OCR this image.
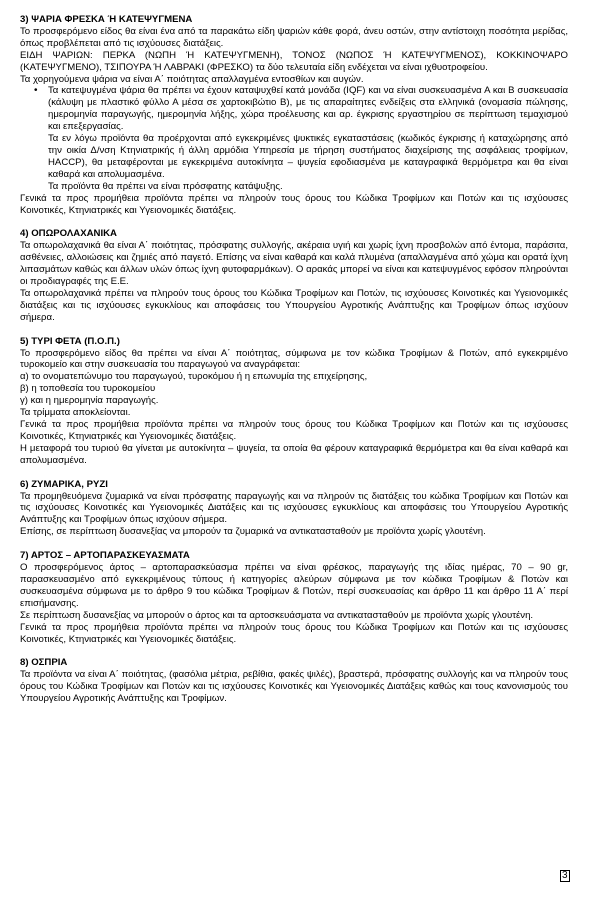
3) ΨΑΡΙΑ ΦΡΕΣΚΑ Ή ΚΑΤΕΨΥΓΜΕΝΑ

Το προσφερόμενο είδος θα είναι ένα από τα παρακάτω είδη ψαριών κάθε φορά, άνευ οστών, στην αντίστοιχη ποσότητα μερίδας, όπως προβλέπεται από τις ισχύουσες διατάξεις.

ΕΙΔΗ ΨΑΡΙΩΝ: ΠΕΡΚΑ (ΝΩΠΗ Ή ΚΑΤΕΨΥΓΜΕΝΗ), ΤΟΝΟΣ (ΝΩΠΟΣ Ή ΚΑΤΕΨΥΓΜΕΝΟΣ), ΚΟΚΚΙΝΟΨΑΡΟ (ΚΑΤΕΨΥΓΜΕΝΟ), ΤΣΙΠΟΥΡΑ Ή ΛΑΒΡΑΚΙ (ΦΡΕΣΚΟ) τα δύο τελευταία είδη ενδέχεται να είναι ιχθυοτροφείου.

Τα χορηγούμενα ψάρια να είναι Α΄ ποιότητας απαλλαγμένα εντοσθίων και αυγών.

• Τα κατεψυγμένα ψάρια θα πρέπει να έχουν καταψυχθεί κατά μονάδα (IQF) και να είναι συσκευασμένα Α και Β συσκευασία (κάλυψη με πλαστικό φύλλο Α μέσα σε χαρτοκιβώτιο Β), με τις απαραίτητες ενδείξεις στα ελληνικά (ονομασία πώλησης, ημερομηνία παραγωγής, ημερομηνία λήξης, χώρα προέλευσης και αρ. έγκρισης εργαστηρίου σε περίπτωση τεμαχισμού και επεξεργασίας.
Τα εν λόγω προϊόντα θα προέρχονται από εγκεκριμένες ψυκτικές εγκαταστάσεις (κωδικός έγκρισης ή καταχώρησης από την οικία Δ/νση Κτηνιατρικής ή άλλη αρμόδια Υπηρεσία με τήρηση συστήματος διαχείρισης της ασφάλειας τροφίμων, HACCP), θα μεταφέρονται με εγκεκριμένα αυτοκίνητα – ψυγεία εφοδιασμένα με καταγραφικά θερμόμετρα και θα είναι καθαρά και απολυμασμένα.
Τα προϊόντα θα πρέπει να είναι πρόσφατης κατάψυξης.

Γενικά τα προς προμήθεια προϊόντα πρέπει να πληρούν τους όρους του Κώδικα Τροφίμων και Ποτών και τις ισχύουσες Κοινοτικές, Κτηνιατρικές και Υγειονομικές διατάξεις.

4) ΟΠΩΡΟΛΑΧΑΝΙΚΑ

Τα οπωρολαχανικά θα είναι Α΄ ποιότητας, πρόσφατης συλλογής, ακέραια υγιή και χωρίς ίχνη προσβολών από έντομα, παράσιτα, ασθένειες, αλλοιώσεις και ζημιές από παγετό. Επίσης να είναι καθαρά και καλά πλυμένα (απαλλαγμένα από χώμα και ορατά ίχνη λιπασμάτων καθώς και άλλων υλών όπως ίχνη φυτοφαρμάκων). Ο αρακάς μπορεί να είναι και κατεψυγμένος εφόσον πληρούνται οι προδιαγραφές της Ε.Ε.

Τα οπωρολαχανικά πρέπει να πληρούν τους όρους του Κώδικα Τροφίμων και Ποτών, τις ισχύουσες Κοινοτικές και Υγειονομικές διατάξεις και τις ισχύουσες εγκυκλίους και αποφάσεις του Υπουργείου Αγροτικής Ανάπτυξης και Τροφίμων όπως ισχύουν σήμερα.

5) ΤΥΡΙ ΦΕΤΑ (Π.Ο.Π.)

Το προσφερόμενο είδος θα πρέπει να είναι Α΄ ποιότητας, σύμφωνα με τον κώδικα Τροφίμων & Ποτών, από εγκεκριμένο τυροκομείο και στην συσκευασία του παραγωγού να αναγράφεται:

α) το ονοματεπώνυμο του παραγωγού, τυροκόμου ή η επωνυμία της επιχείρησης,

β) η τοποθεσία του τυροκομείου

γ) και η ημερομηνία παραγωγής.

Τα τρίμματα αποκλείονται.

Γενικά τα προς προμήθεια προϊόντα πρέπει να πληρούν τους όρους του Κώδικα Τροφίμων και Ποτών και τις ισχύουσες Κοινοτικές, Κτηνιατρικές και Υγειονομικές διατάξεις.

Η μεταφορά του τυριού θα γίνεται με αυτοκίνητα – ψυγεία, τα οποία θα φέρουν καταγραφικά θερμόμετρα και θα είναι καθαρά και απολυμασμένα.

6) ΖΥΜΑΡΙΚΑ, ΡΥΖΙ

Τα προμηθευόμενα ζυμαρικά να είναι πρόσφατης παραγωγής και να πληρούν τις διατάξεις του κώδικα Τροφίμων και Ποτών και τις ισχύουσες Κοινοτικές και Υγειονομικές Διατάξεις και τις ισχύουσες εγκυκλίους και αποφάσεις του Υπουργείου Αγροτικής Ανάπτυξης και Τροφίμων όπως ισχύουν σήμερα.

Επίσης, σε περίπτωση δυσανεξίας να μπορούν τα ζυμαρικά να αντικατασταθούν με προϊόντα χωρίς γλουτένη.

7) ΑΡΤΟΣ – ΑΡΤΟΠΑΡΑΣΚΕΥΑΣΜΑΤΑ

Ο προσφερόμενος άρτος – αρτοπαρασκεύασμα πρέπει να είναι φρέσκος, παραγωγής της ιδίας ημέρας, 70 – 90 gr, παρασκευασμένο από εγκεκριμένους τύπους ή κατηγορίες αλεύρων σύμφωνα με τον κώδικα Τροφίμων & Ποτών και συσκευασμένα σύμφωνα με το άρθρο 9 του κώδικα Τροφίμων & Ποτών, περί συσκευασίας και άρθρο 11 και άρθρο 11 Α΄ περί επισήμανσης.

Σε περίπτωση δυσανεξίας να μπορούν ο άρτος και τα αρτοσκευάσματα να αντικατασταθούν με προϊόντα χωρίς γλουτένη.

Γενικά τα προς προμήθεια προϊόντα πρέπει να πληρούν τους όρους του Κώδικα Τροφίμων και Ποτών και τις ισχύουσες Κοινοτικές, Κτηνιατρικές και Υγειονομικές διατάξεις.

8) ΟΣΠΡΙΑ

Τα προϊόντα να είναι Α΄ ποιότητας, (φασόλια μέτρια, ρεβίθια, φακές ψιλές), βραστερά, πρόσφατης συλλογής και να πληρούν τους όρους του Κώδικα Τροφίμων και Ποτών και τις ισχύουσες Κοινοτικές και Υγειονομικές Διατάξεις καθώς και τους κανονισμούς του Υπουργείου Αγροτικής Ανάπτυξης και Τροφίμων.

3
